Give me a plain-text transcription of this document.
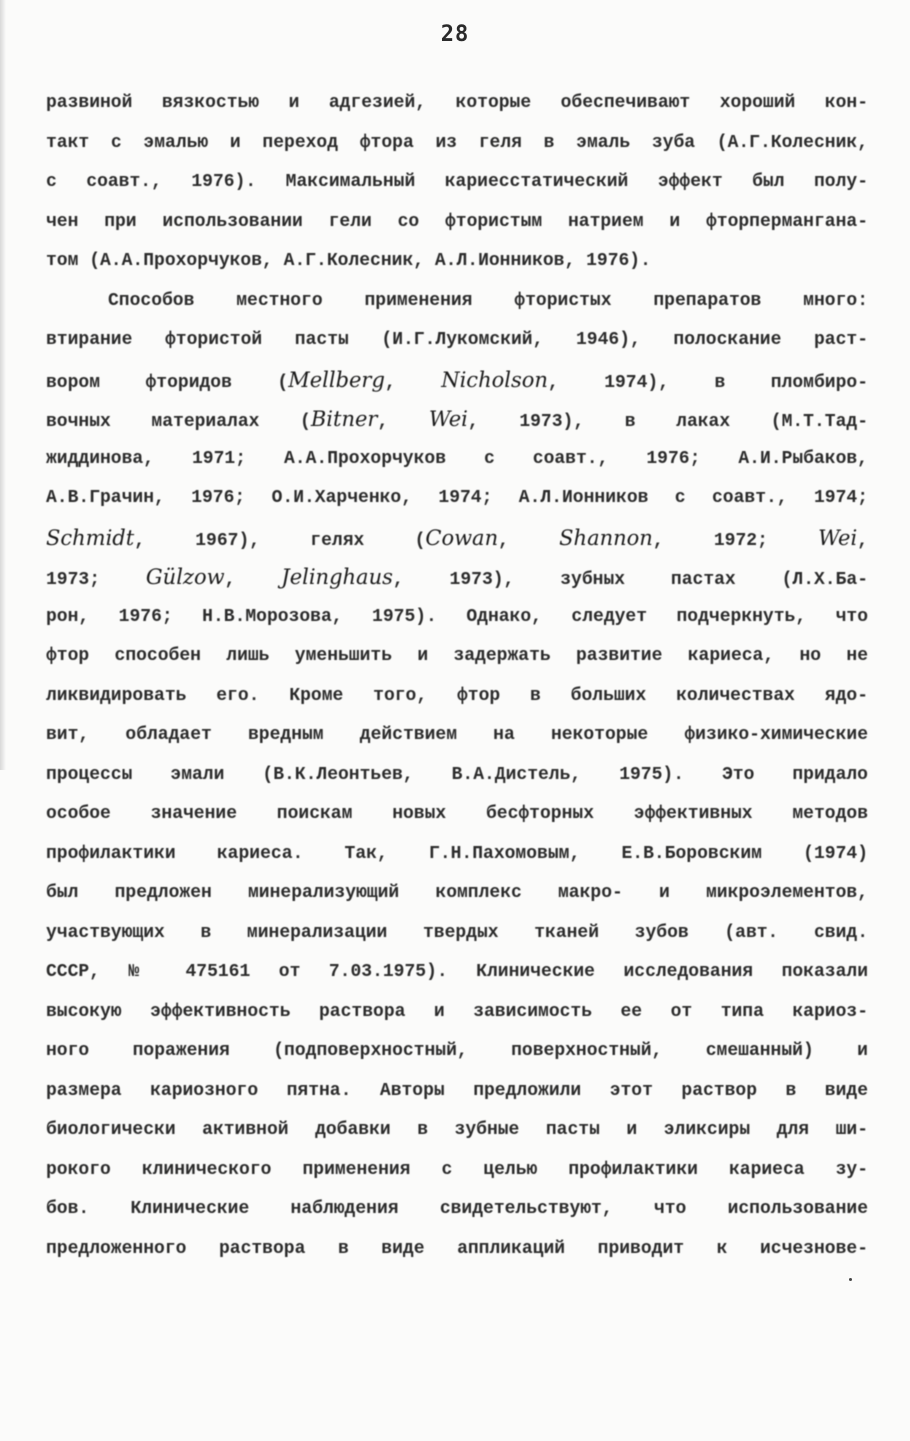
28
развиной вязкостью и адгезией, которые обеспечивают хороший кон-
такт с эмалью и переход фтора из геля в эмаль зуба (А.Г.Колесник,
с соавт., 1976). Максимальный кариесстатический эффект был полу-
чен при использовании гели со фтористым натрием и фторперманганa-
том (А.А.Прохорчуков, А.Г.Колесник, А.Л.Ионников, 1976).
Способов местного применения фтористых препаратов много:
втирание фтористой пасты (И.Г.Лукомский, 1946), полоскание раст-
вором фторидов (Mellberg, Nicholson, 1974), в пломбиро-
вочных материалах (Bitner, Wei, 1973), в лаках (М.Т.Тад-
жиддинова, 1971; А.А.Прохорчуков с соавт., 1976; А.И.Рыбаков,
А.В.Грачин, 1976; О.И.Харченко, 1974; А.Л.Ионников с соавт., 1974;
Schmidt, 1967), гелях (Cowan, Shannon, 1972; Wei,
1973; Gülzow, Jelinghaus, 1973), зубных пастах (Л.Х.Ба-
рон, 1976; Н.В.Морозова, 1975). Однако, следует подчеркнуть, что
фтор способен лишь уменьшить и задержать развитие кариеса, но не
ликвидировать его. Кроме того, фтор в больших количествах ядо-
вит, обладает вредным действием на некоторые физико-химические
процессы эмали (В.К.Леонтьев, В.А.Дистель, 1975). Это придало
особое значение поискам новых бесфторных эффективных методов
профилактики кариеса. Так, Г.Н.Пахомовым, Е.В.Боровским (1974)
был предложен минерализующий комплекс макро- и микроэлементов,
участвующих в минерализации твердых тканей зубов (авт. свид.
СССР, № 475161 от 7.03.1975). Клинические исследования показали
высокую эффективность раствора и зависимость ее от типа кариоз-
ного поражения (подповерхностный, поверхностный, смешанный) и
размера кариозного пятна. Авторы предложили этот раствор в виде
биологически активной добавки в зубные пасты и эликсиры для ши-
рокого клинического применения с целью профилактики кариеса зу-
бов. Клинические наблюдения свидетельствуют, что использование
предложенного раствора в виде аппликаций приводит к исчезнове-
